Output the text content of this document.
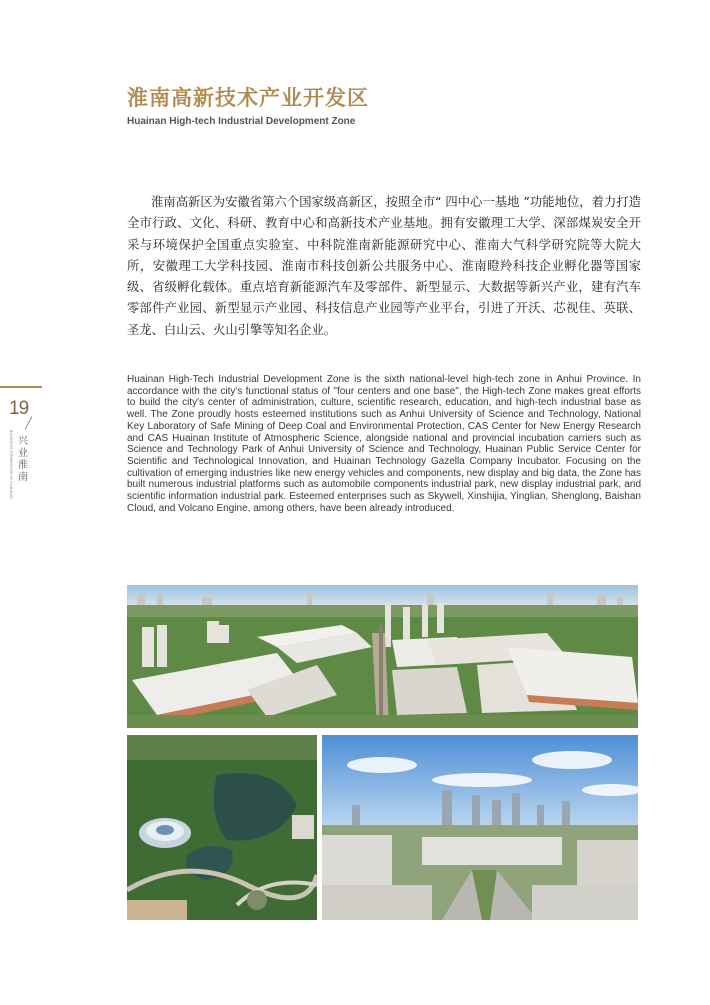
淮南高新技术产业开发区
Huainan High-tech Industrial Development Zone

淮南高新区为安徽省第六个国家级高新区，按照全市“ 四中心一基地 ”功能地位，着力打造全市行政、文化、科研、教育中心和高新技术产业基地。拥有安徽理工大学、深部煤炭安全开采与环境保护全国重点实验室、中科院淮南新能源研究中心、淮南大气科学研究院等大院大所，安徽理工大学科技园、淮南市科技创新公共服务中心、淮南瞪羚科技企业孵化器等国家级、省级孵化载体。重点培育新能源汽车及零部件、新型显示、大数据等新兴产业，建有汽车零部件产业园、新型显示产业园、科技信息产业园等产业平台，引进了开沃、芯视佳、英联、圣龙、白山云、火山引擎等知名企业。

Huainan High-Tech Industrial Development Zone is the sixth national-level high-tech zone in Anhui Province. In accordance with the city's functional status of "four centers and one base", the High-tech Zone makes great efforts to build the city's center of administration, culture, scientific research, education, and high-tech industrial base as well. The Zone proudly hosts esteemed institutions such as Anhui University of Science and Technology, National Key Laboratory of Safe Mining of Deep Coal and Environmental Protection, CAS Center for New Energy Research and CAS Huainan Institute of Atmospheric Science, alongside national and provincial incubation carriers such as Science and Technology Park of Anhui University of Science and Technology, Huainan Public Service Center for Scientific and Technological Innovation, and Huainan Technology Gazella Company Incubator. Focusing on the cultivation of emerging industries like new energy vehicles and components, new display and big data, the Zone has built numerous industrial platforms such as automobile components industrial park, new display industrial park, and scientific information industrial park. Esteemed enterprises such as Skywell, Xinshijia, Yinglian, Shenglong, Baishan Cloud, and Volcano Engine, among others, have been already introduced.

19
兴业淮南
BUSINESS PROMOTION IN HUAINAN
